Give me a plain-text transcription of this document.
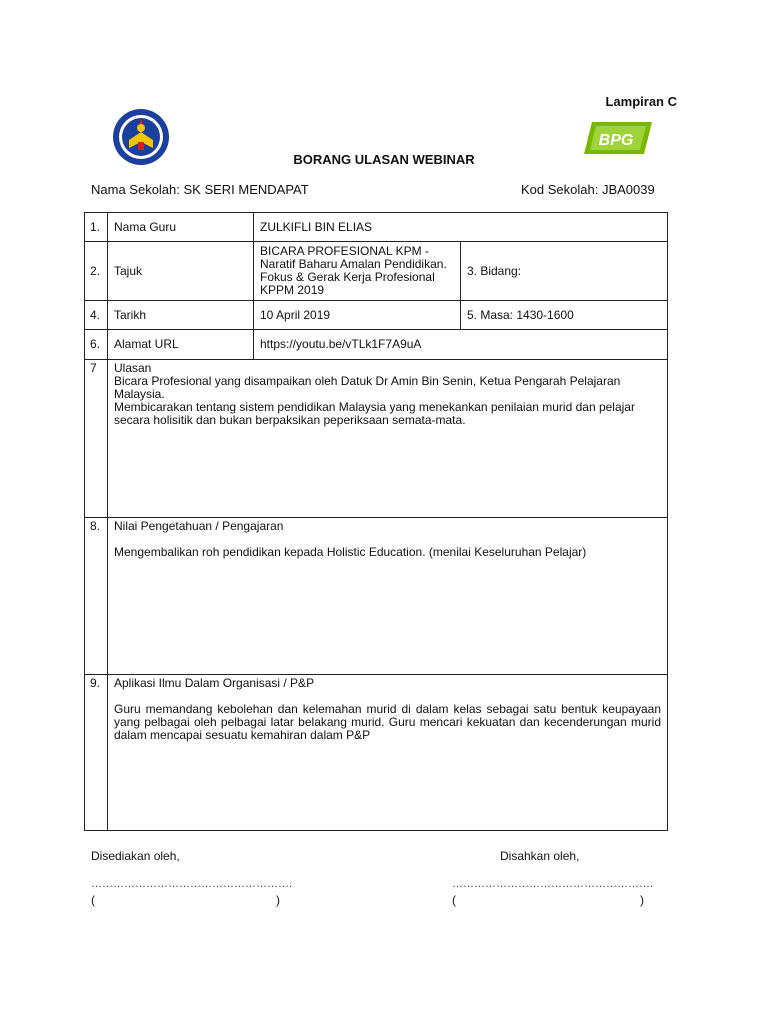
Lampiran C
BPG
BORANG ULASAN WEBINAR
Nama Sekolah: SK SERI MENDAPAT	Kod Sekolah: JBA0039
1.	Nama Guru	ZULKIFLI BIN ELIAS	
2.	Tajuk	BICARA PROFESIONAL KPM - Naratif Baharu Amalan Pendidikan. Fokus & Gerak Kerja Profesional KPPM 2019	3. Bidang:
4.	Tarikh	10 April 2019	5. Masa: 1430-1600
6.	Alamat URL	https://youtu.be/vTLk1F7A9uA	
7	Ulasan

Bicara Profesional yang disampaikan oleh Datuk Dr Amin Bin Senin, Ketua Pengarah Pelajaran Malaysia.

Membicarakan tentang sistem pendidikan Malaysia yang menekankan penilaian murid dan pelajar secara holisitik dan bukan berpaksikan peperiksaan semata-mata.		

8.	Nilai Pengetahuan / Pengajaran

Mengembalikan roh pendidikan kepada Holistic Education. (menilai Keseluruhan Pelajar)		

9.	Aplikasi Ilmu Dalam Organisasi / P&P

Guru memandang kebolehan dan kelemahan murid di dalam kelas sebagai satu bentuk keupayaan yang pelbagai oleh pelbagai latar belakang murid. Guru mencari kekuatan dan kecenderungan murid dalam mencapai sesuatu kemahiran dalam P&P		

Disediakan oleh,	Disahkan oleh,
……………………………………………….	……………………………………………….
(	)	(	)
